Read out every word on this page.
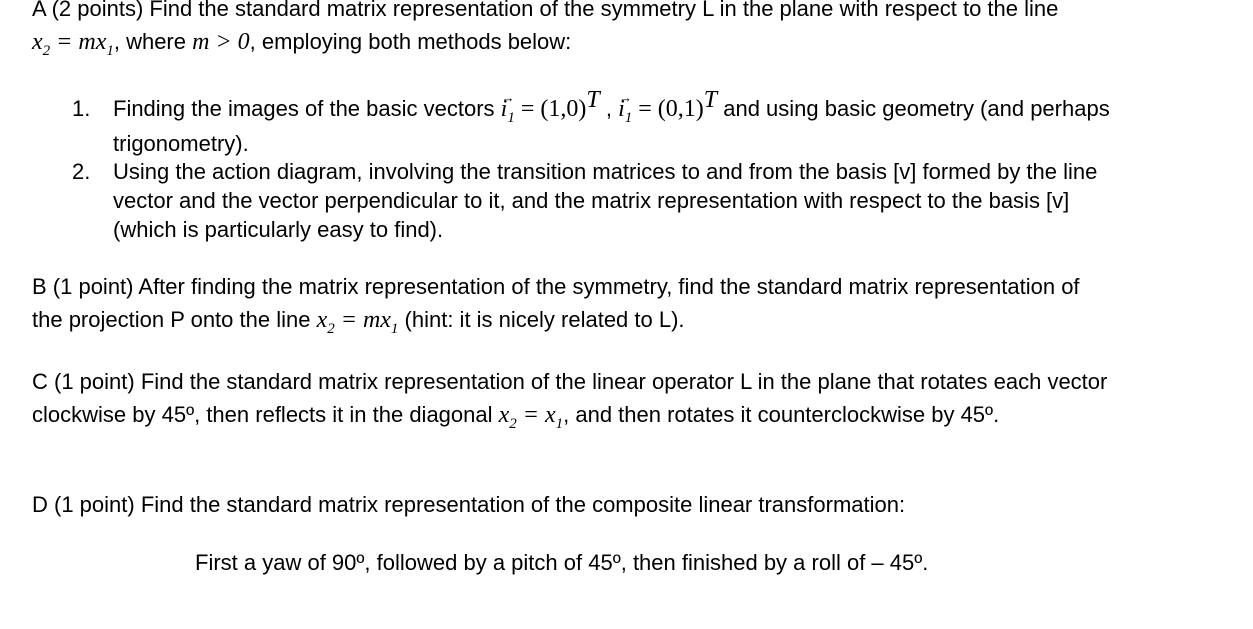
A (2 points) Find the standard matrix representation of the symmetry L in the plane with respect to the line
$x_2 = mx_1$, where m > 0, employing both methods below:
1. Finding the images of the basic vectors → $i_1 = (1,0)^T$ , → $i_1 = (0,1)^T$ and using basic geometry (and perhaps
trigonometry).
2. Using the action diagram, involving the transition matrices to and from the basis [v] formed by the line
vector and the vector perpendicular to it, and the matrix representation with respect to the basis [v]
(which is particularly easy to find).
B (1 point) After finding the matrix representation of the symmetry, find the standard matrix representation of
the projection P onto the line $x_2 = mx_1$ (hint: it is nicely related to L).
C (1 point) Find the standard matrix representation of the linear operator L in the plane that rotates each vector
clockwise by 45º, then reflects it in the diagonal $x_2 = x_1$, and then rotates it counterclockwise by 45º.
D (1 point) Find the standard matrix representation of the composite linear transformation:
First a yaw of 90º, followed by a pitch of 45º, then finished by a roll of – 45º.
